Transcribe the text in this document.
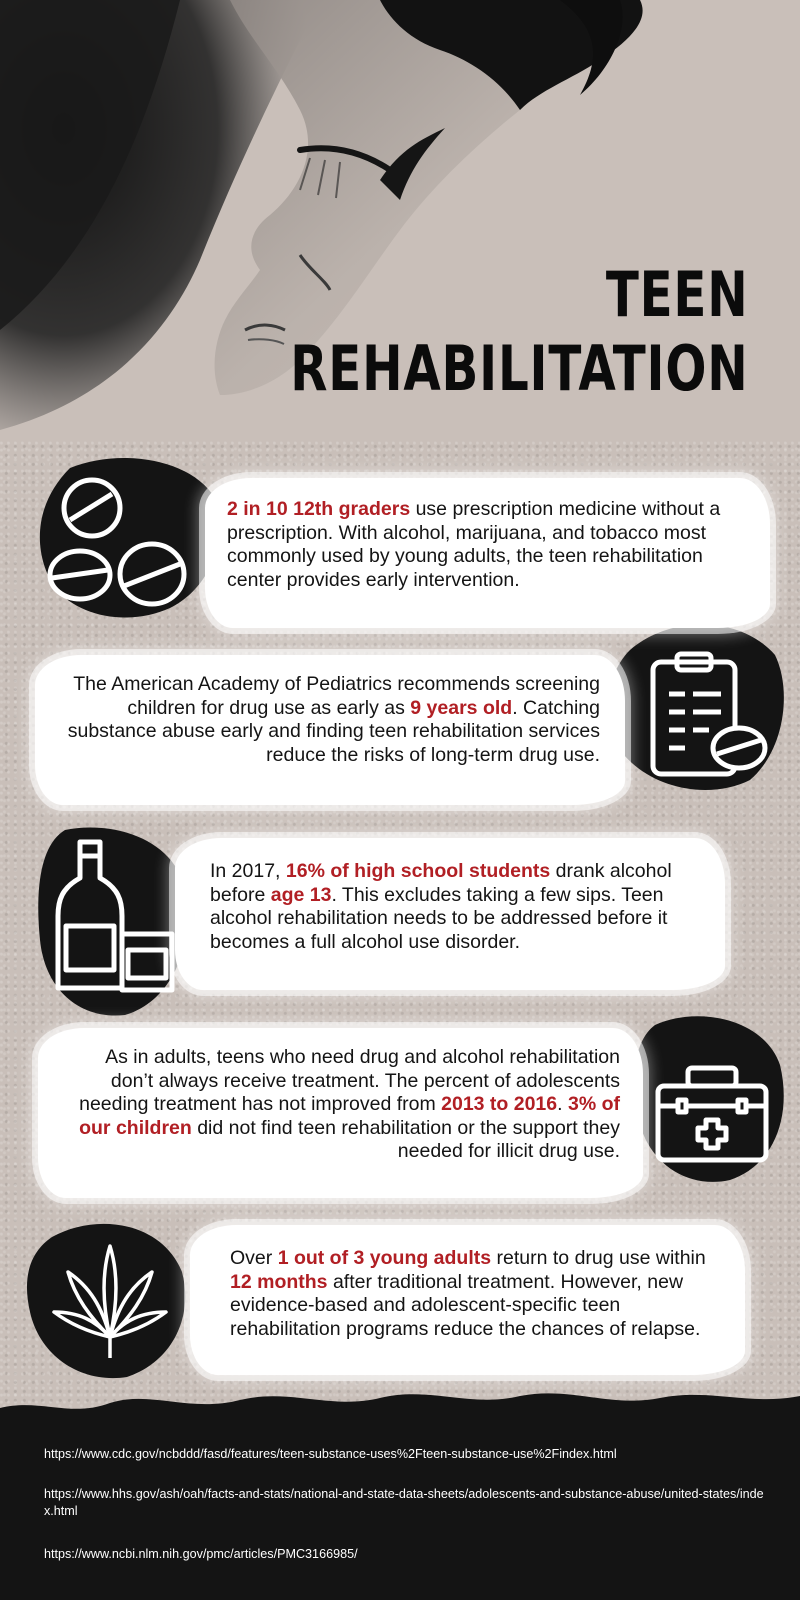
TEEN
REHABILITATION
2 in 10 12th graders use prescription medicine without a prescription. With alcohol, marijuana, and tobacco most commonly used by young adults, the teen rehabilitation center provides early intervention.
The American Academy of Pediatrics recommends screening children for drug use as early as 9 years old. Catching substance abuse early and finding teen rehabilitation services reduce the risks of long-term drug use.
In 2017, 16% of high school students drank alcohol before age 13. This excludes taking a few sips. Teen alcohol rehabilitation needs to be addressed before it becomes a full alcohol use disorder.
As in adults, teens who need drug and alcohol rehabilitation don’t always receive treatment. The percent of adolescents needing treatment has not improved from 2013 to 2016. 3% of our children did not find teen rehabilitation or the support they needed for illicit drug use.
Over 1 out of 3 young adults return to drug use within 12 months after traditional treatment. However, new evidence-based and adolescent-specific teen rehabilitation programs reduce the chances of relapse.
https://www.cdc.gov/ncbddd/fasd/features/teen-substance-uses%2Fteen-substance-use%2Findex.html
https://www.hhs.gov/ash/oah/facts-and-stats/national-and-state-data-sheets/adolescents-and-substance-abuse/united-states/index.html
https://www.ncbi.nlm.nih.gov/pmc/articles/PMC3166985/
